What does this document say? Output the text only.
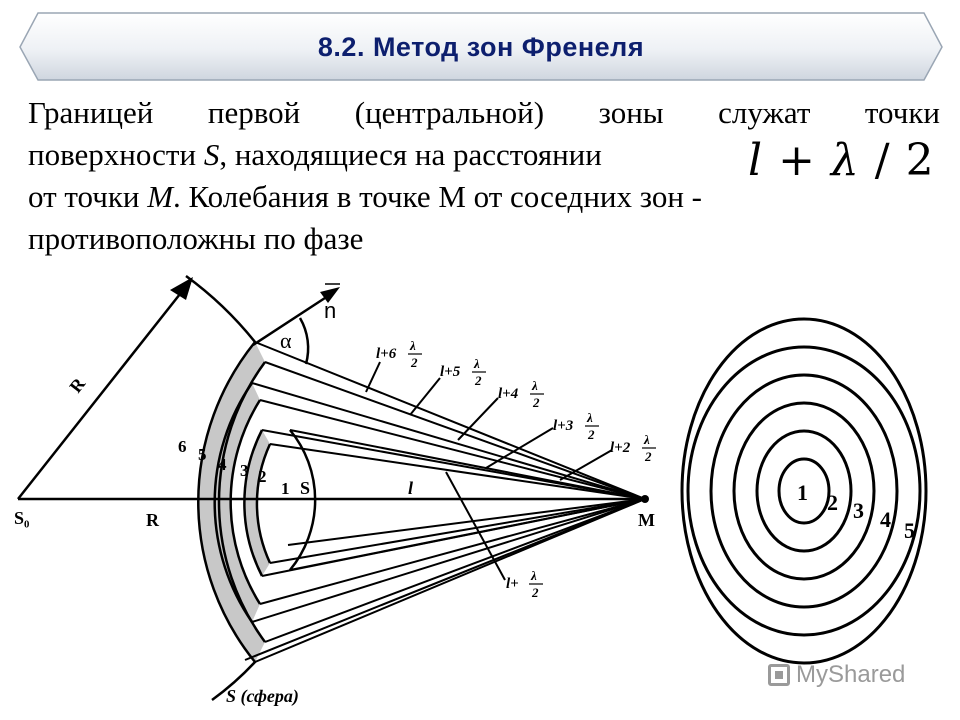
8.2. Метод зон Френеля
Границей первой (центральной) зоны служат точки
поверхности S, находящиеся на расстоянии
от точки M. Колебания в точке М от соседних зон -
противоположны по фазе
l + λ / 2
R
n
α
S₀	R
S
M
l
S (сфера)
6 5
4 3 2
1
l+6
λ
2
l+5
λ
2
l+4
λ
2
l+3
λ
2
l+2
λ
2
l+
λ
2
1 2 3 4 5
MyShared
